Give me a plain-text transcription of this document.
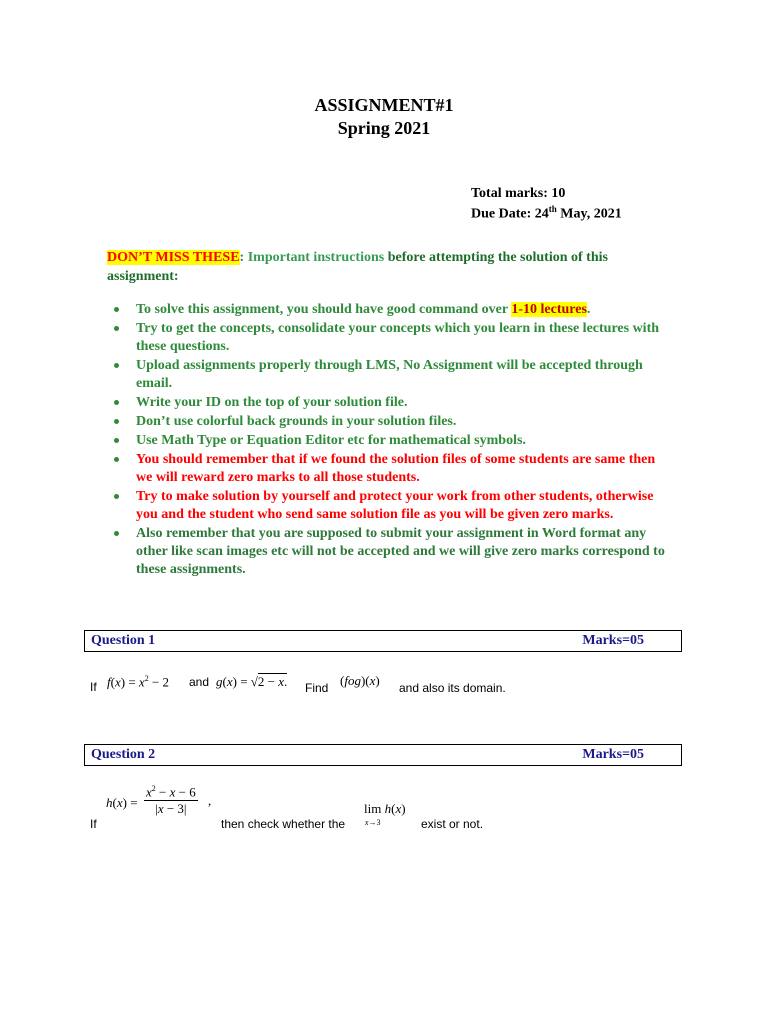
ASSIGNMENT#1
Spring 2021
Total marks: 10
Due Date: 24th May, 2021
DON’T MISS THESE: Important instructions before attempting the solution of this assignment:
To solve this assignment, you should have good command over 1-10 lectures.
Try to get the concepts, consolidate your concepts which you learn in these lectures with these questions.
Upload assignments properly through LMS, No Assignment will be accepted through email.
Write your ID on the top of your solution file.
Don’t use colorful back grounds in your solution files.
Use Math Type or Equation Editor etc for mathematical symbols.
You should remember that if we found the solution files of some students are same then we will reward zero marks to all those students.
Try to make solution by yourself and protect your work from other students, otherwise you and the student who send same solution file as you will be given zero marks.
Also remember that you are supposed to submit your assignment in Word format any other like scan images etc will not be accepted and we will give zero marks correspond to these assignments.
Question 1	Marks=05
If $f(x) = x^2 - 2$ and g(x) = √2 − x. Find (fog)(x) and also its domain.
Question 2	Marks=05
$h(x) = \frac{x^2 - x - 6}{|x - 3|}$ ,
If	then check whether the
lim
x→3 h(x)
exist or not.
